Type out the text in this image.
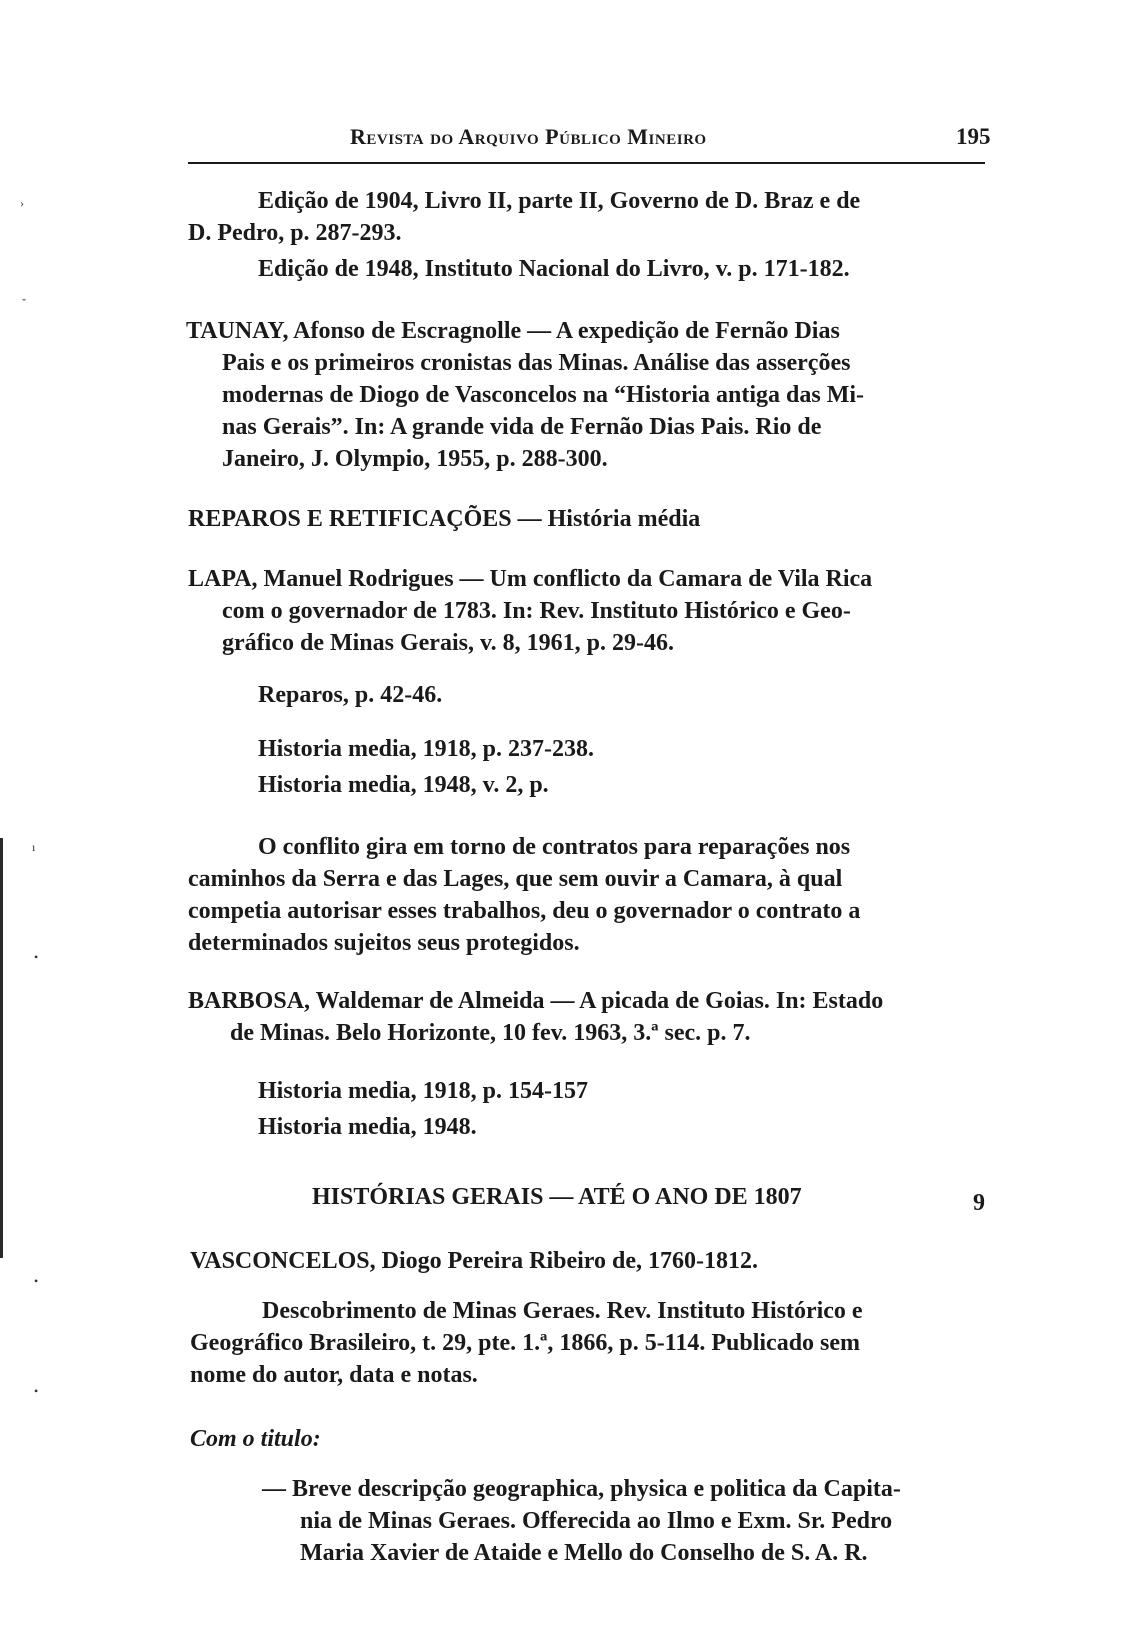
›
ˇ
ı
•
•
•
Revista do Arquivo Público Mineiro	195
Edição de 1904, Livro II, parte II, Governo de D. Braz e de
D. Pedro, p. 287-293.
Edição de 1948, Instituto Nacional do Livro, v. p. 171-182.
TAUNAY, Afonso de Escragnolle — A expedição de Fernão Dias
Pais e os primeiros cronistas das Minas. Análise das asserções
modernas de Diogo de Vasconcelos na “Historia antiga das Mi-
nas Gerais”. In: A grande vida de Fernão Dias Pais. Rio de
Janeiro, J. Olympio, 1955, p. 288-300.
REPAROS E RETIFICAÇÕES — História média
LAPA, Manuel Rodrigues — Um conflicto da Camara de Vila Rica
com o governador de 1783. In: Rev. Instituto Histórico e Geo-
gráfico de Minas Gerais, v. 8, 1961, p. 29-46.
Reparos, p. 42-46.
Historia media, 1918, p. 237-238.
Historia media, 1948, v. 2, p.
O conflito gira em torno de contratos para reparações nos
caminhos da Serra e das Lages, que sem ouvir a Camara, à qual
competia autorisar esses trabalhos, deu o governador o contrato a
determinados sujeitos seus protegidos.
BARBOSA, Waldemar de Almeida — A picada de Goias. In: Estado
de Minas. Belo Horizonte, 10 fev. 1963, 3.ª sec. p. 7.
Historia media, 1918, p. 154-157
Historia media, 1948.
9
HISTÓRIAS GERAIS — ATÉ O ANO DE 1807
VASCONCELOS, Diogo Pereira Ribeiro de, 1760-1812.
Descobrimento de Minas Geraes. Rev. Instituto Histórico e
Geográfico Brasileiro, t. 29, pte. 1.ª, 1866, p. 5-114. Publicado sem
nome do autor, data e notas.
Com o titulo:
— Breve descripção geographica, physica e politica da Capita-
nia de Minas Geraes. Offerecida ao Ilmo e Exm. Sr. Pedro
Maria Xavier de Ataide e Mello do Conselho de S. A. R.
